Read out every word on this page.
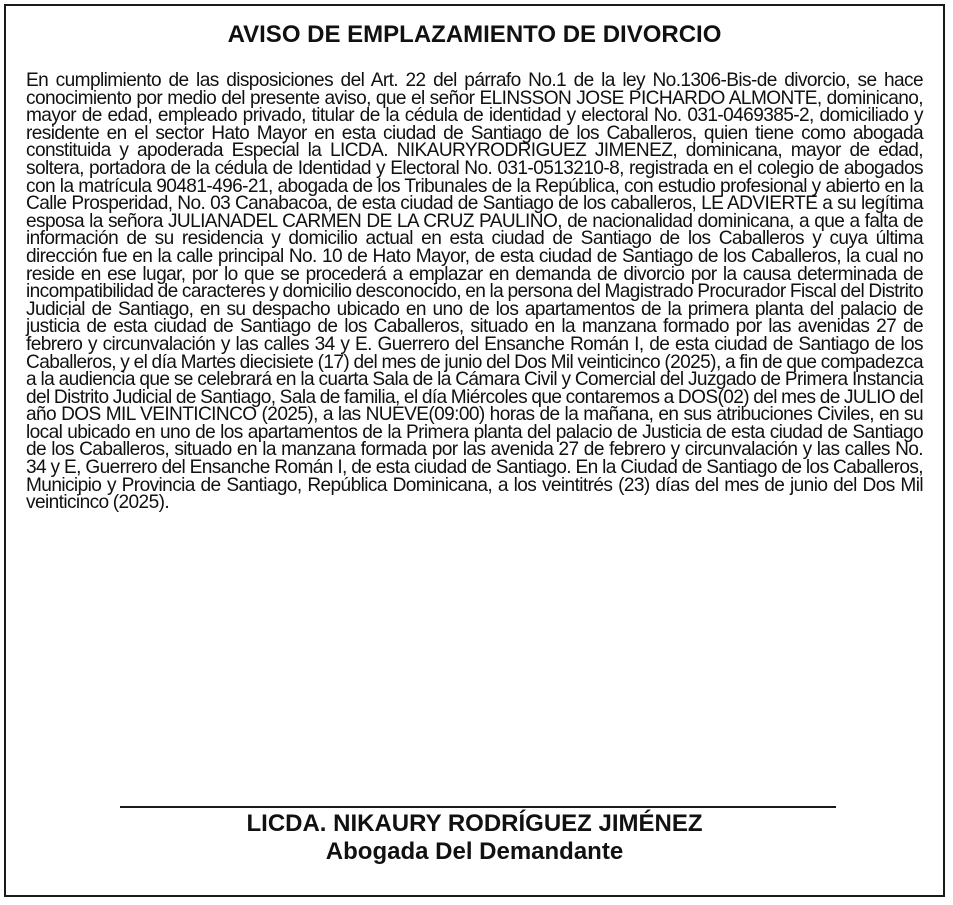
AVISO DE EMPLAZAMIENTO DE DIVORCIO

En cumplimiento de las disposiciones del Art. 22 del párrafo No.1 de la ley No.1306-Bis-de divorcio, se hace conocimiento por medio del presente aviso, que el señor ELINSSON JOSE PICHARDO ALMONTE, dominicano, mayor de edad, empleado privado, titular de la cédula de identidad y electoral No. 031-0469385-2, domiciliado y residente en el sector Hato Mayor en esta ciudad de Santiago de los Caballeros, quien tiene como abogada constituida y apoderada Especial la LICDA. NIKAURYRODRIGUEZ JIMENEZ, dominicana, mayor de edad, soltera, portadora de la cédula de Identidad y Electoral No. 031-0513210-8, registrada en el colegio de abogados con la matrícula 90481-496-21, abogada de los Tribunales de la República, con estudio profesional y abierto en la Calle Prosperidad, No. 03 Canabacoa, de esta ciudad de Santiago de los caballeros, LE ADVIERTE a su legítima esposa la señora JULIANADEL CARMEN DE LA CRUZ PAULINO, de nacionalidad dominicana, a que a falta de información de su residencia y domicilio actual en esta ciudad de Santiago de los Caballeros y cuya última dirección fue en la calle principal No. 10 de Hato Mayor, de esta ciudad de Santiago de los Caballeros, la cual no reside en ese lugar, por lo que se procederá a emplazar en demanda de divorcio por la causa determinada de incompatibilidad de caracteres y domicilio desconocido, en la persona del Magistrado Procurador Fiscal del Distrito Judicial de Santiago, en su despacho ubicado en uno de los apartamentos de la primera planta del palacio de justicia de esta ciudad de Santiago de los Caballeros, situado en la manzana formado por las avenidas 27 de febrero y circunvalación y las calles 34 y E. Guerrero del Ensanche Román I, de esta ciudad de Santiago de los Caballeros, y el día Martes diecisiete (17) del mes de junio del Dos Mil veinticinco (2025), a fin de que compadezca a la audiencia que se celebrará en la cuarta Sala de la Cámara Civil y Comercial del Juzgado de Primera Instancia del Distrito Judicial de Santiago, Sala de familia, el día Miércoles que contaremos a DOS(02) del mes de JULIO del año DOS MIL VEINTICINCO (2025), a las NUEVE(09:00) horas de la mañana, en sus atribuciones Civiles, en su local ubicado en uno de los apartamentos de la Primera planta del palacio de Justicia de esta ciudad de Santiago de los Caballeros, situado en la manzana formada por las avenida 27 de febrero y circunvalación y las calles No. 34 y E, Guerrero del Ensanche Román I, de esta ciudad de Santiago. En la Ciudad de Santiago de los Caballeros, Municipio y Provincia de Santiago, República Dominicana, a los veintitrés (23) días del mes de junio del Dos Mil veinticinco (2025).

LICDA. NIKAURY RODRÍGUEZ JIMÉNEZ

Abogada Del Demandante
